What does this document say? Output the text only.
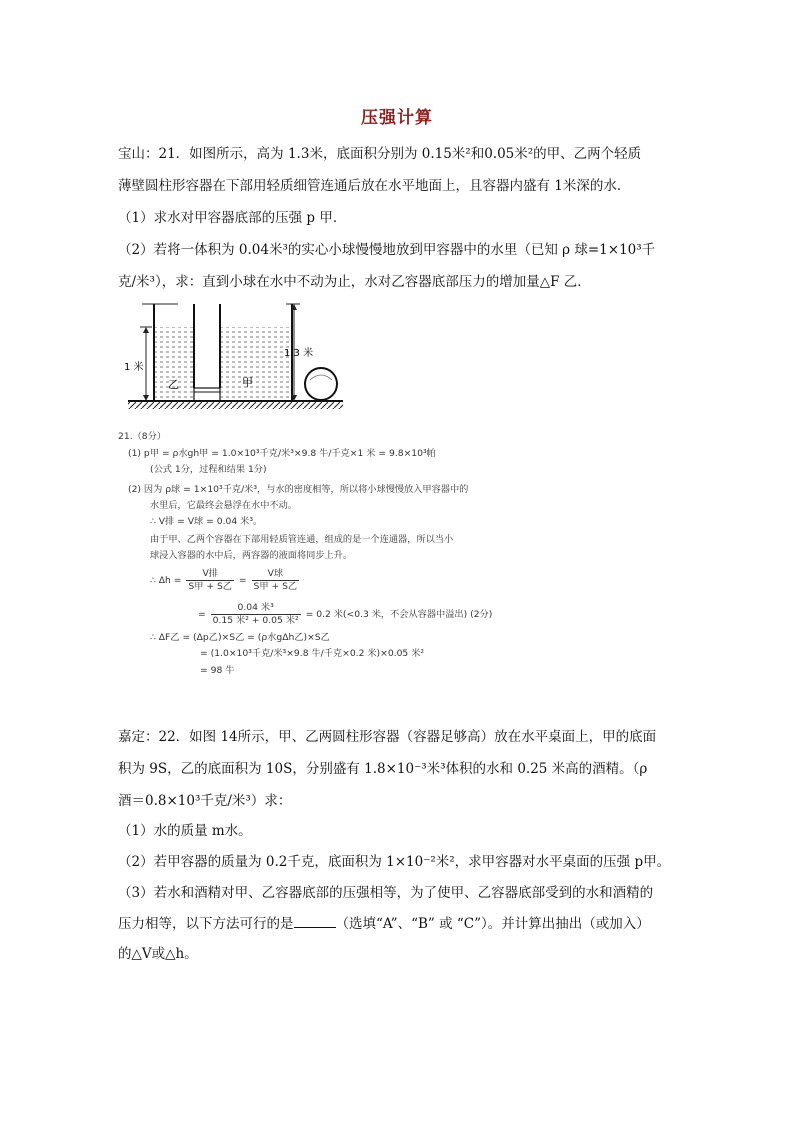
压强计算
宝山：21．如图所示，高为 1.3米，底面积分别为 0.15米²和0.05米²的甲、乙两个轻质
薄壁圆柱形容器在下部用轻质细管连通后放在水平地面上，且容器内盛有 1米深的水．
（1）求水对甲容器底部的压强 p 甲．
（2）若将一体积为 0.04米³的实心小球慢慢地放到甲容器中的水里（已知 ρ 球=1×10³千
克/米³），求：直到小球在水中不动为止，水对乙容器底部压力的增加量△F 乙．
1 米
乙	甲
1.3 米
21.（8分）
(1) p甲 = ρ水gh甲 = 1.0×10³千克/米³×9.8 牛/千克×1 米 = 9.8×10³帕
(公式 1分，过程和结果 1分)
(2) 因为 ρ球 = 1×10³千克/米³，与水的密度相等，所以将小球慢慢放入甲容器中的
水里后，它最终会悬浮在水中不动。
∴ V排 = V球 = 0.04 米³。
由于甲、乙两个容器在下部用轻质管连通，组成的是一个连通器，所以当小
球浸入容器的水中后，两容器的液面将同步上升。
∴ $\Delta h = \frac{\text{V排}}{\text{S甲 + S乙}} = \frac{\text{V球}}{\text{S甲 + S乙}}$
= $\frac{\text{0.04 米³}}{\text{0.15 米² + 0.05 米²}} = 0.2$ 米(<0.3 米，不会从容器中溢出) (2分)
∴ ΔF乙 = (Δp乙)×S乙 = (ρ水gΔh乙)×S乙
= (1.0×10³千克/米³×9.8 牛/千克×0.2 米)×0.05 米²
= 98 牛
嘉定：22．如图 14所示，甲、乙两圆柱形容器（容器足够高）放在水平桌面上，甲的底面
积为 9S，乙的底面积为 10S，分别盛有 1.8×10⁻³米³体积的水和 0.25 米高的酒精。（ρ
酒＝0.8×10³千克/米³）求：
（1）水的质量 m水。
（2）若甲容器的质量为 0.2千克，底面积为 1×10⁻²米²，求甲容器对水平桌面的压强 p甲。
（3）若水和酒精对甲、乙容器底部的压强相等，为了使甲、乙容器底部受到的水和酒精的
压力相等，以下方法可行的是	（选填“A”、“B” 或 “C”）。并计算出抽出（或加入）
的△V或△h。
